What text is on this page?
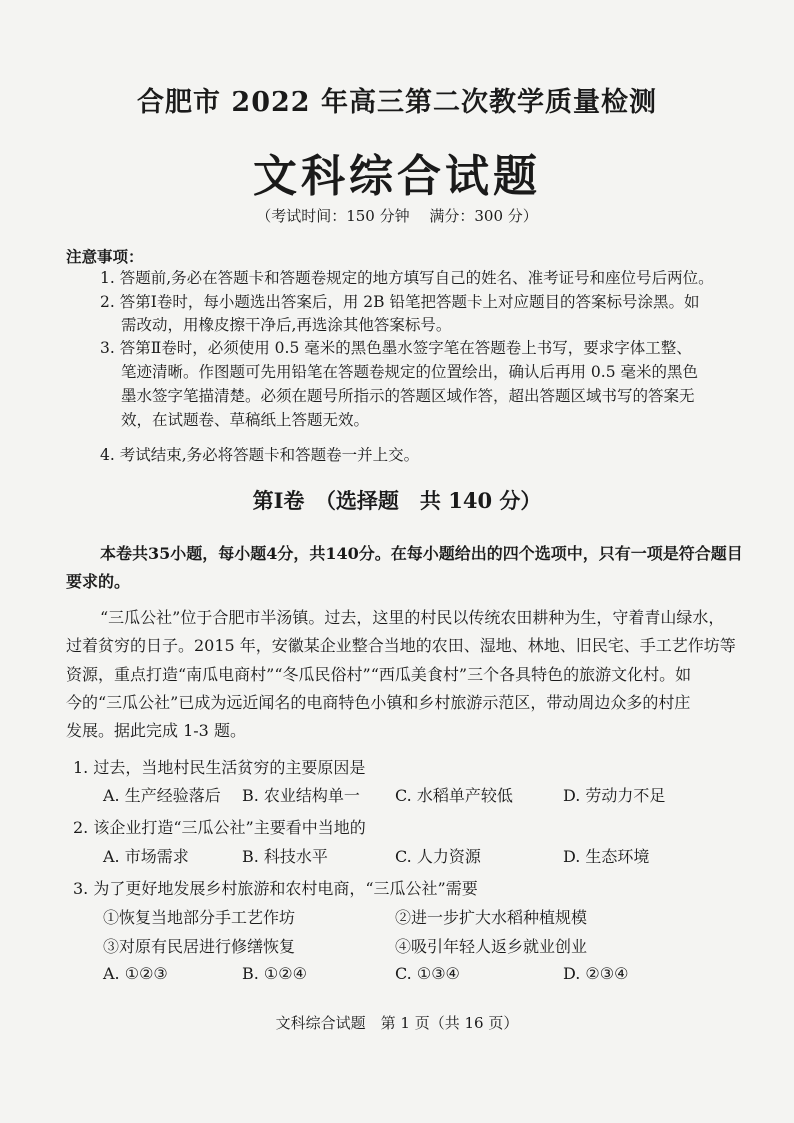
合肥市 2022 年高三第二次教学质量检测
文科综合试题
（考试时间：150 分钟　 满分：300 分）
注意事项：
1. 答题前,务必在答题卡和答题卷规定的地方填写自己的姓名、准考证号和座位号后两位。
2. 答第Ⅰ卷时，每小题选出答案后，用 2B 铅笔把答题卡上对应题目的答案标号涂黑。如
需改动，用橡皮擦干净后,再选涂其他答案标号。
3. 答第Ⅱ卷时，必须使用 0.5 毫米的黑色墨水签字笔在答题卷上书写，要求字体工整、
笔迹清晰。作图题可先用铅笔在答题卷规定的位置绘出，确认后再用 0.5 毫米的黑色
墨水签字笔描清楚。必须在题号所指示的答题区域作答，超出答题区域书写的答案无
效，在试题卷、草稿纸上答题无效。
4. 考试结束,务必将答题卡和答题卷一并上交。
第Ⅰ卷　（选择题　共 140 分）
本卷共35小题，每小题4分，共140分。在每小题给出的四个选项中，只有一项是符合题目
要求的。
“三瓜公社”位于合肥市半汤镇。过去，这里的村民以传统农田耕种为生，守着青山绿水，
过着贫穷的日子。2015 年，安徽某企业整合当地的农田、湿地、林地、旧民宅、手工艺作坊等
资源，重点打造“南瓜电商村”“冬瓜民俗村”“西瓜美食村”三个各具特色的旅游文化村。如
今的“三瓜公社”已成为远近闻名的电商特色小镇和乡村旅游示范区，带动周边众多的村庄
发展。据此完成 1-3 题。
1. 过去，当地村民生活贫穷的主要原因是
A. 生产经验落后 B. 农业结构单一 C. 水稻单产较低	D. 劳动力不足
2. 该企业打造“三瓜公社”主要看中当地的
A. 市场需求	B. 科技水平	C. 人力资源	D. 生态环境
3. 为了更好地发展乡村旅游和农村电商，“三瓜公社”需要
①恢复当地部分手工艺作坊	②进一步扩大水稻种植规模
③对原有民居进行修缮恢复	④吸引年轻人返乡就业创业
A. ①②③	B. ①②④	C. ①③④	D. ②③④
文科综合试题　第 1 页（共 16 页）
